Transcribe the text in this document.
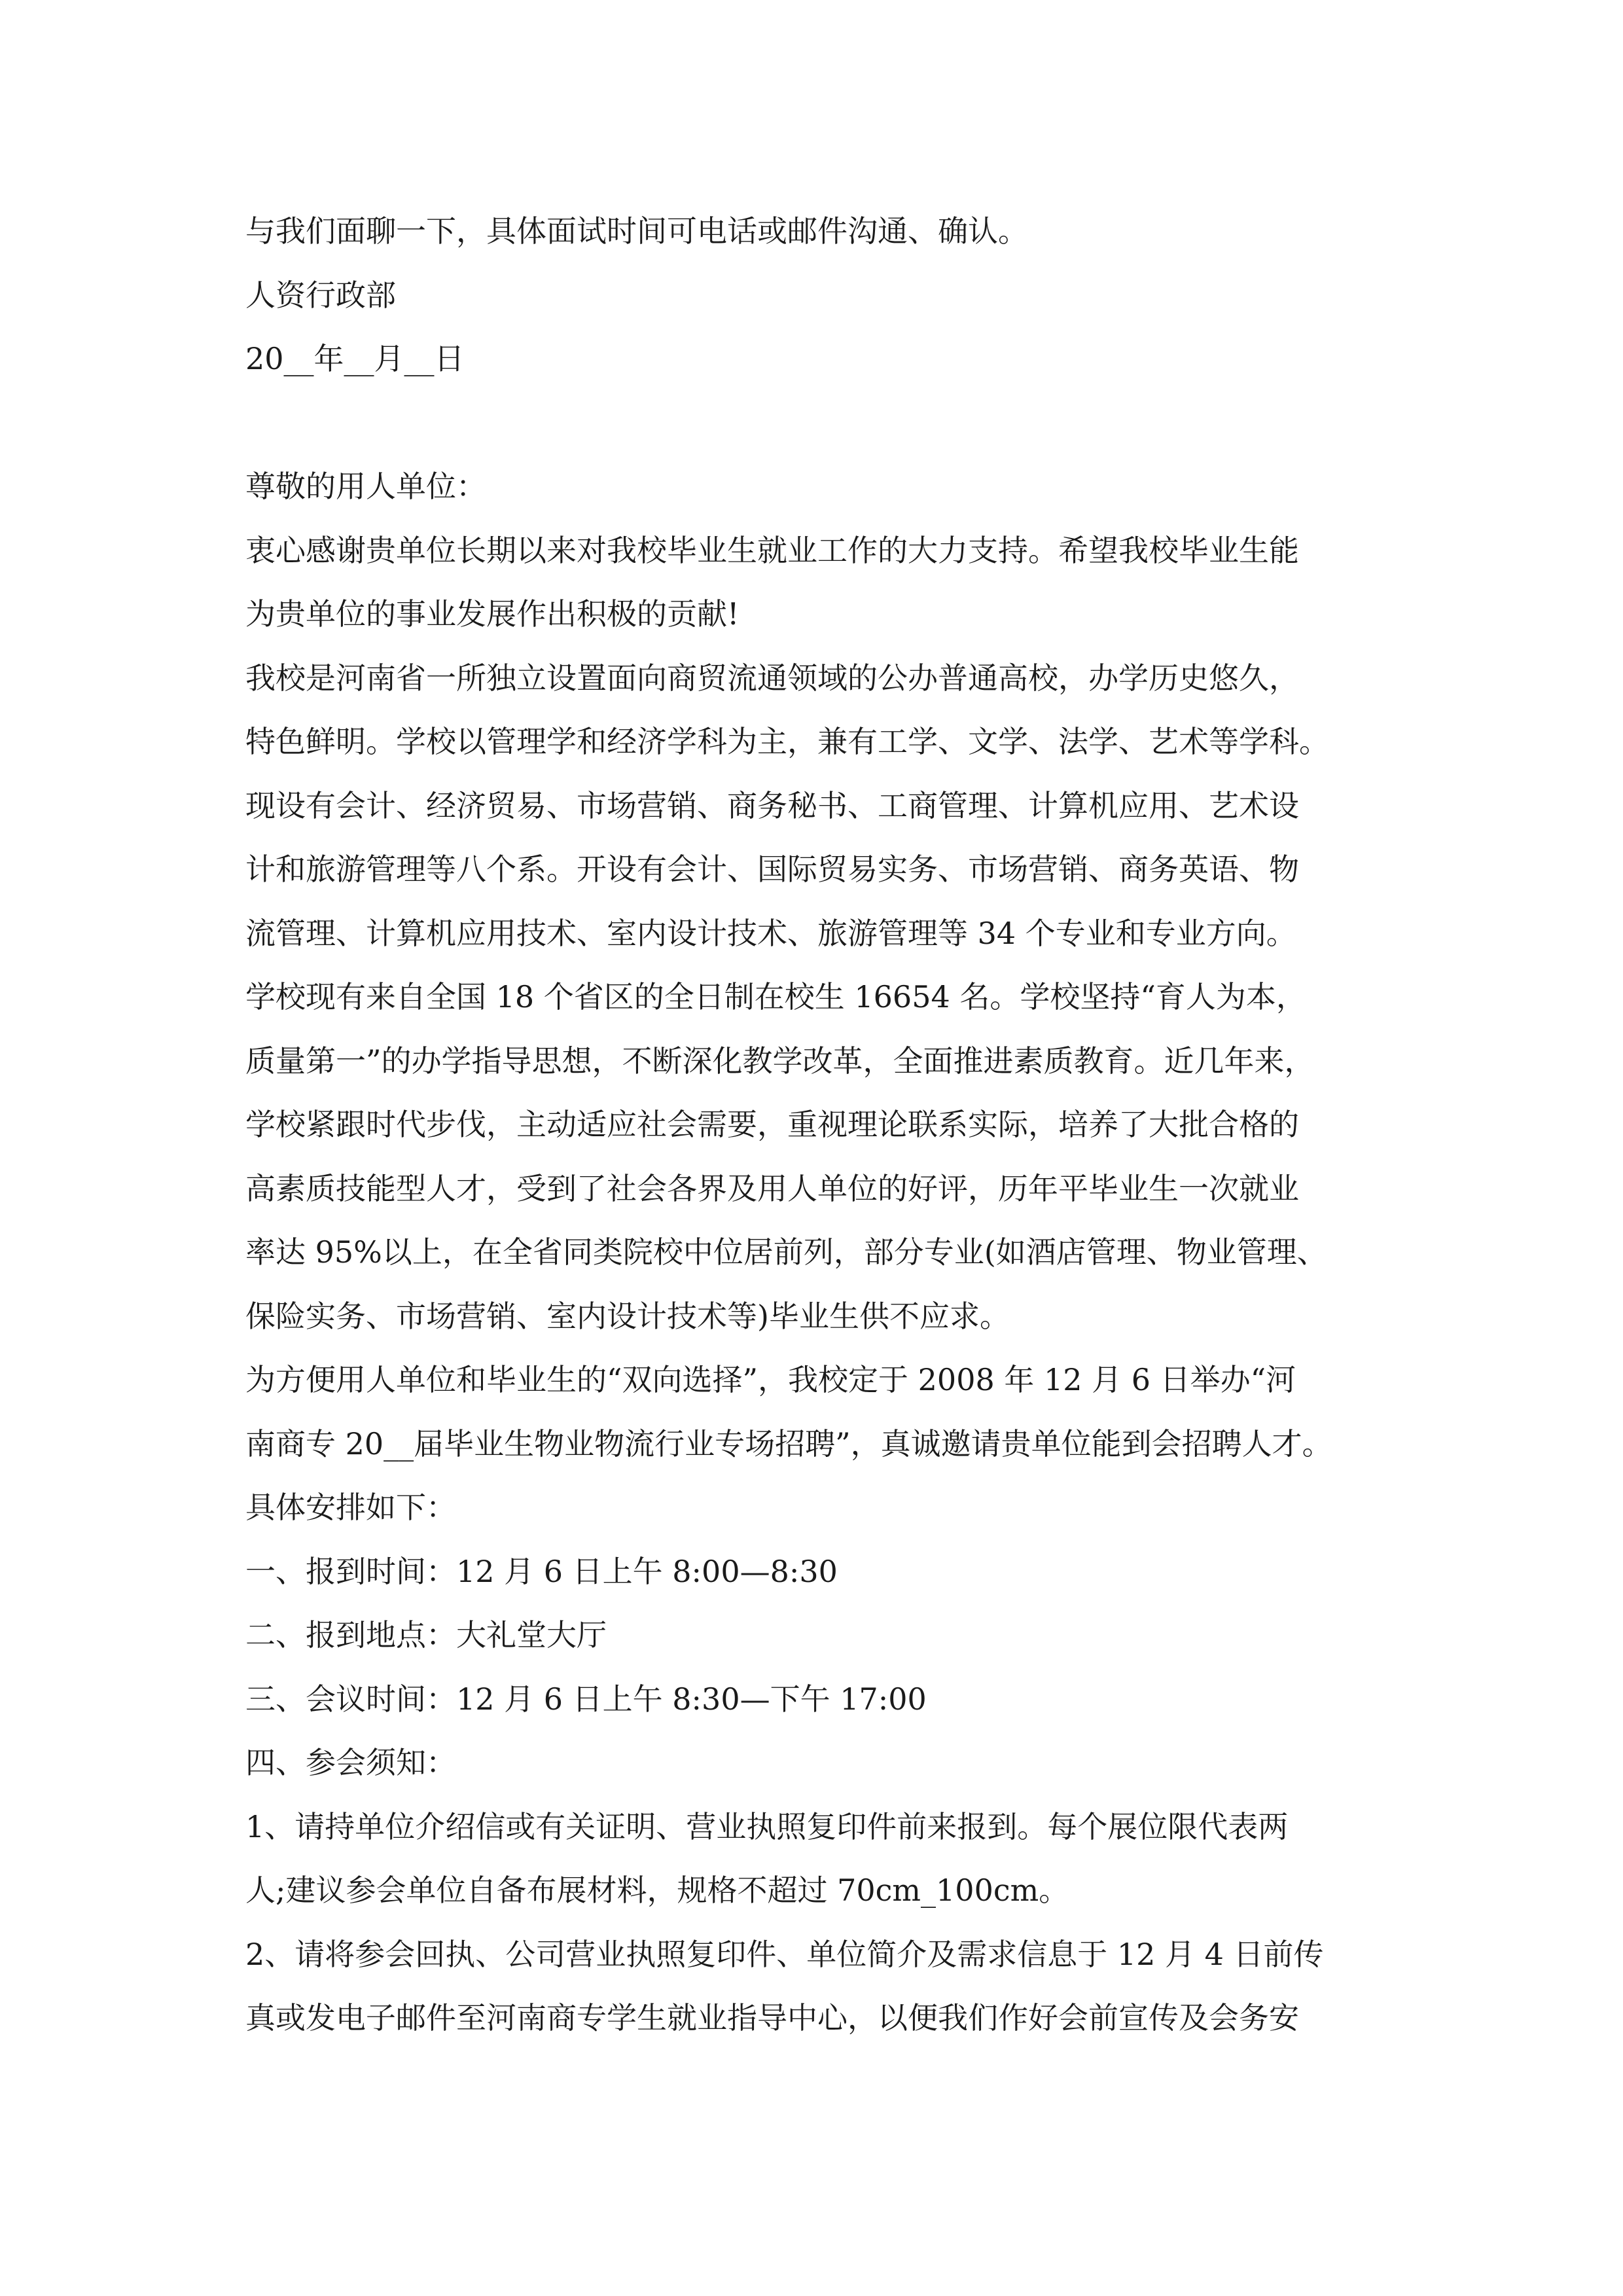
与我们面聊一下，具体面试时间可电话或邮件沟通、确认。
人资行政部
20__年__月__日
尊敬的用人单位：
衷心感谢贵单位长期以来对我校毕业生就业工作的大力支持。希望我校毕业生能
为贵单位的事业发展作出积极的贡献!
我校是河南省一所独立设置面向商贸流通领域的公办普通高校，办学历史悠久，
特色鲜明。学校以管理学和经济学科为主，兼有工学、文学、法学、艺术等学科。
现设有会计、经济贸易、市场营销、商务秘书、工商管理、计算机应用、艺术设
计和旅游管理等八个系。开设有会计、国际贸易实务、市场营销、商务英语、物
流管理、计算机应用技术、室内设计技术、旅游管理等 34 个专业和专业方向。
学校现有来自全国 18 个省区的全日制在校生 16654 名。学校坚持“育人为本，
质量第一”的办学指导思想，不断深化教学改革，全面推进素质教育。近几年来，
学校紧跟时代步伐，主动适应社会需要，重视理论联系实际，培养了大批合格的
高素质技能型人才，受到了社会各界及用人单位的好评，历年平毕业生一次就业
率达 95%以上，在全省同类院校中位居前列，部分专业(如酒店管理、物业管理、
保险实务、市场营销、室内设计技术等)毕业生供不应求。
为方便用人单位和毕业生的“双向选择”，我校定于 2008 年 12 月 6 日举办“河
南商专 20__届毕业生物业物流行业专场招聘”，真诚邀请贵单位能到会招聘人才。
具体安排如下：
一、报到时间：12 月 6 日上午 8:00—8:30
二、报到地点：大礼堂大厅
三、会议时间：12 月 6 日上午 8:30—下午 17:00
四、参会须知：
1、请持单位介绍信或有关证明、营业执照复印件前来报到。每个展位限代表两
人;建议参会单位自备布展材料，规格不超过 70cm_100cm。
2、请将参会回执、公司营业执照复印件、单位简介及需求信息于 12 月 4 日前传
真或发电子邮件至河南商专学生就业指导中心，以便我们作好会前宣传及会务安
